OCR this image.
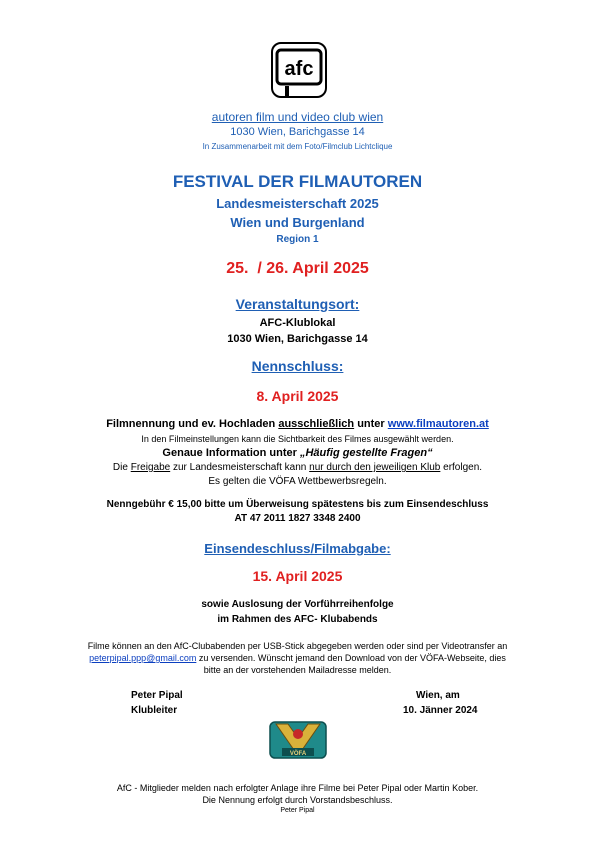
afc
autoren film und video club wien
1030 Wien, Barichgasse 14
In Zusammenarbeit mit dem Foto/Filmclub Lichtclique
FESTIVAL DER FILMAUTOREN
Landesmeisterschaft 2025
Wien und Burgenland
Region 1
25.  / 26. April 2025
Veranstaltungsort:
AFC-Klublokal
1030 Wien, Barichgasse 14
Nennschluss:
8. April 2025
Filmnennung und ev. Hochladen ausschließlich unter www.filmautoren.at
In den Filmeinstellungen kann die Sichtbarkeit des Filmes ausgewählt werden.
Genaue Information unter „Häufig gestellte Fragen“
Die Freigabe zur Landesmeisterschaft kann nur durch den jeweiligen Klub erfolgen.
Es gelten die VÖFA Wettbewerbsregeln.
Nenngebühr € 15,00 bitte um Überweisung spätestens bis zum Einsendeschluss
AT 47 2011 1827 3348 2400
Einsendeschluss/Filmabgabe:
15. April 2025
sowie Auslosung der Vorführreihenfolge
im Rahmen des AFC- Klubabends
Filme können an den AfC-Clubabenden per USB-Stick abgegeben werden oder sind per Videotransfer an
peterpipal.ppp@gmail.com zu versenden. Wünscht jemand den Download von der VÖFA-Webseite, dies
bitte an der vorstehenden Mailadresse melden.
Peter Pipal
Klubleiter
Wien, am
10. Jänner 2024
VÖFA
AfC - Mitglieder melden nach erfolgter Anlage ihre Filme bei Peter Pipal oder Martin Kober.
Die Nennung erfolgt durch Vorstandsbeschluss.
Peter Pipal
